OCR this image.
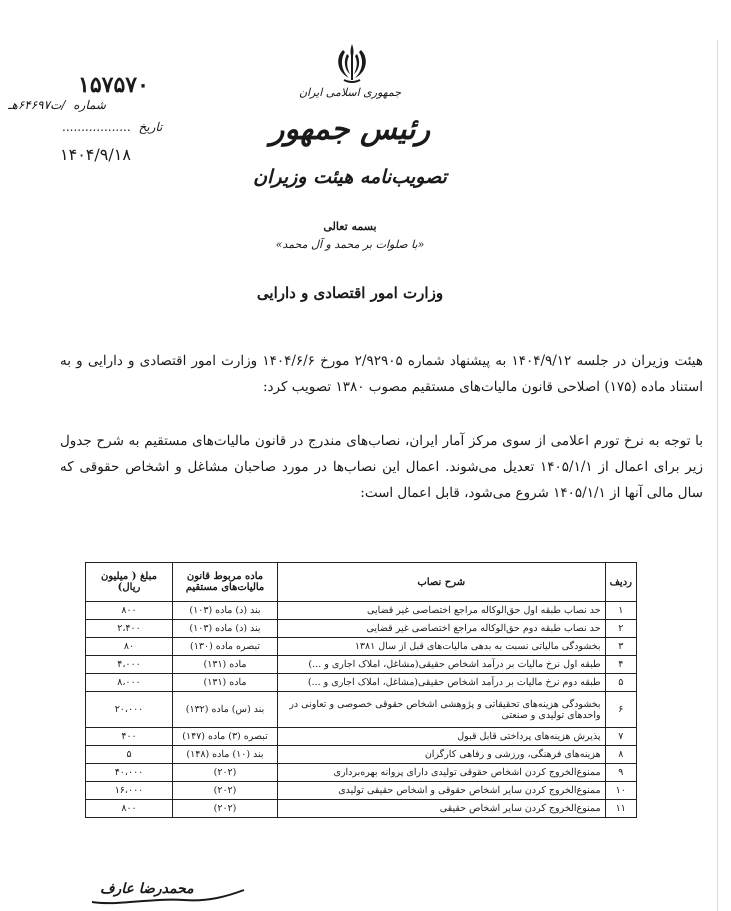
۱۵۷۵۷۰
شماره /ت۶۴۶۹۷هـ
تاریخ ..................
۱۴۰۴/۹/۱۸
جمهوری اسلامی ایران
رئیس جمهور
تصویب‌نامه هیئت وزیران
بسمه تعالی
«با صلوات بر محمد و آل محمد»
وزارت امور اقتصادی و دارایی
هیئت وزیران در جلسه ۱۴۰۴/۹/۱۲ به پیشنهاد شماره ۲/۹۲۹۰۵ مورخ ۱۴۰۴/۶/۶ وزارت امور اقتصادی و دارایی و به استناد ماده (۱۷۵) اصلاحی قانون مالیات‌های مستقیم مصوب ۱۳۸۰ تصویب کرد:
با توجه به نرخ تورم اعلامی از سوی مرکز آمار ایران، نصاب‌های مندرج در قانون مالیات‌های مستقیم به شرح جدول زیر برای اعمال از ۱۴۰۵/۱/۱ تعدیل می‌شوند. اعمال این نصاب‌ها در مورد صاحبان مشاغل و اشخاص حقوقی که سال مالی آنها از ۱۴۰۵/۱/۱ شروع می‌شود، قابل اعمال است:
ردیف	شرح نصاب	ماده مربوط قانون مالیات‌های مستقیم	مبلغ ( میلیون ریال)
۱	حد نصاب طبقه اول حق‌الوکاله مراجع اختصاصی غیر قضایی	بند (د) ماده (۱۰۳)	۸۰۰
۲	حد نصاب طبقه دوم حق‌الوکاله مراجع اختصاصی غیر قضایی	بند (د) ماده (۱۰۳)	۲،۴۰۰
۳	بخشودگی مالیاتی نسبت به بدهی مالیات‌های قبل از سال ۱۳۸۱	تبصره ماده (۱۳۰)	۸۰
۴	طبقه اول نرخ مالیات بر درآمد اشخاص حقیقی(مشاغل، املاک اجاری و ...)	ماده (۱۳۱)	۴،۰۰۰
۵	طبقه دوم نرخ مالیات بر درآمد اشخاص حقیقی(مشاغل، املاک اجاری و ...)	ماده (۱۳۱)	۸،۰۰۰
۶	بخشودگی هزینه‌های تحقیقاتی و پژوهشی اشخاص حقوقی خصوصی و تعاونی در واحدهای تولیدی و صنعتی	بند (س) ماده (۱۳۲)	۲۰،۰۰۰
۷	پذیرش هزینه‌های پرداختی قابل قبول	تبصره (۳) ماده (۱۴۷)	۴۰۰
۸	هزینه‌های فرهنگی، ورزشی و رفاهی کارگران	بند (۱۰) ماده (۱۴۸)	۵
۹	ممنوع‌الخروج کردن اشخاص حقوقی تولیدی دارای پروانه بهره‌برداری	(۲۰۲)	۴۰،۰۰۰
۱۰	ممنوع‌الخروج کردن سایر اشخاص حقوقی و اشخاص حقیقی تولیدی	(۲۰۲)	۱۶،۰۰۰
۱۱	ممنوع‌الخروج کردن سایر اشخاص حقیقی	(۲۰۲)	۸۰۰
محمدرضا عارف
